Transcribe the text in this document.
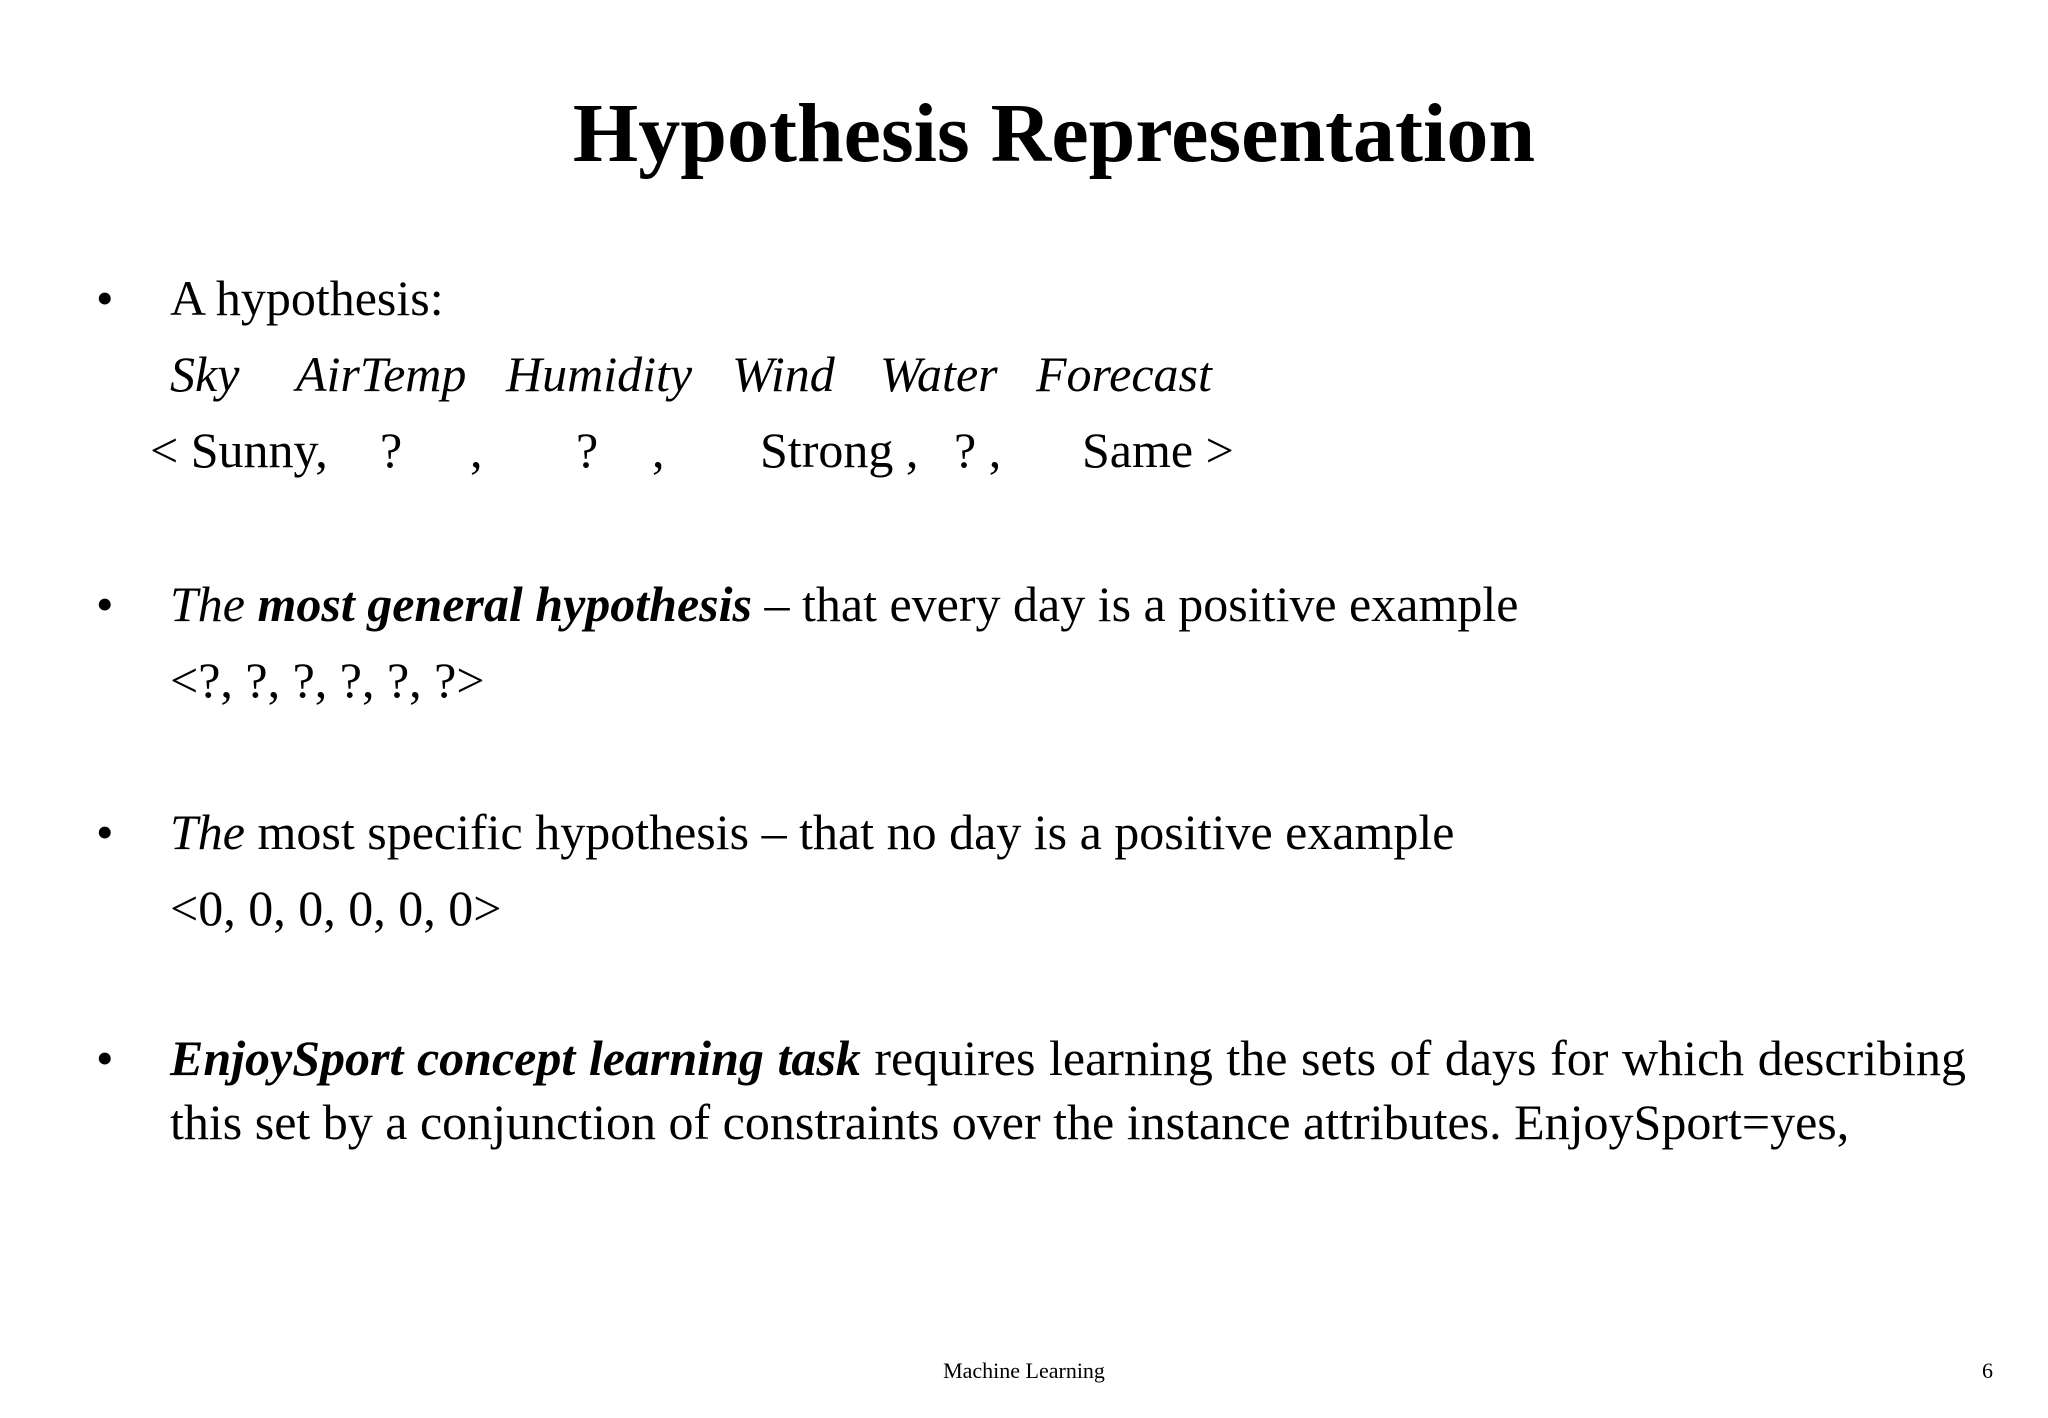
Hypothesis Representation
• A hypothesis:
Sky AirTemp Humidity Wind Water Forecast
< Sunny, ? , ? , Strong , ? , Same >
• The most general hypothesis – that every day is a positive example
<?, ?, ?, ?, ?, ?>
• The most specific hypothesis – that no day is a positive example
<0, 0, 0, 0, 0, 0>
• EnjoySport concept learning task requires learning the sets of days for which describing this set by a conjunction of constraints over the instance attributes. EnjoySport=yes,
Machine Learning	6
